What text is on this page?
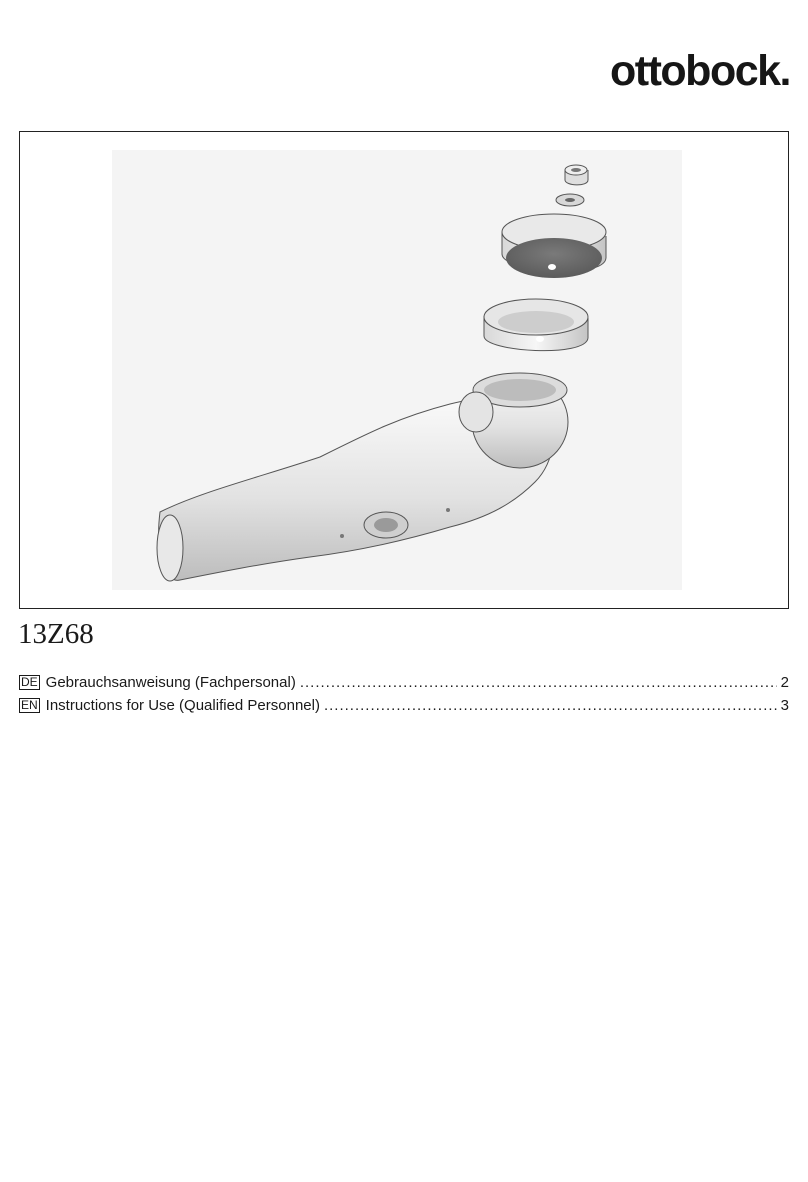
ottobock.
13Z68
DE Gebrauchsanweisung (Fachpersonal) .....	2
EN Instructions for Use (Qualified Personnel) .....	3
